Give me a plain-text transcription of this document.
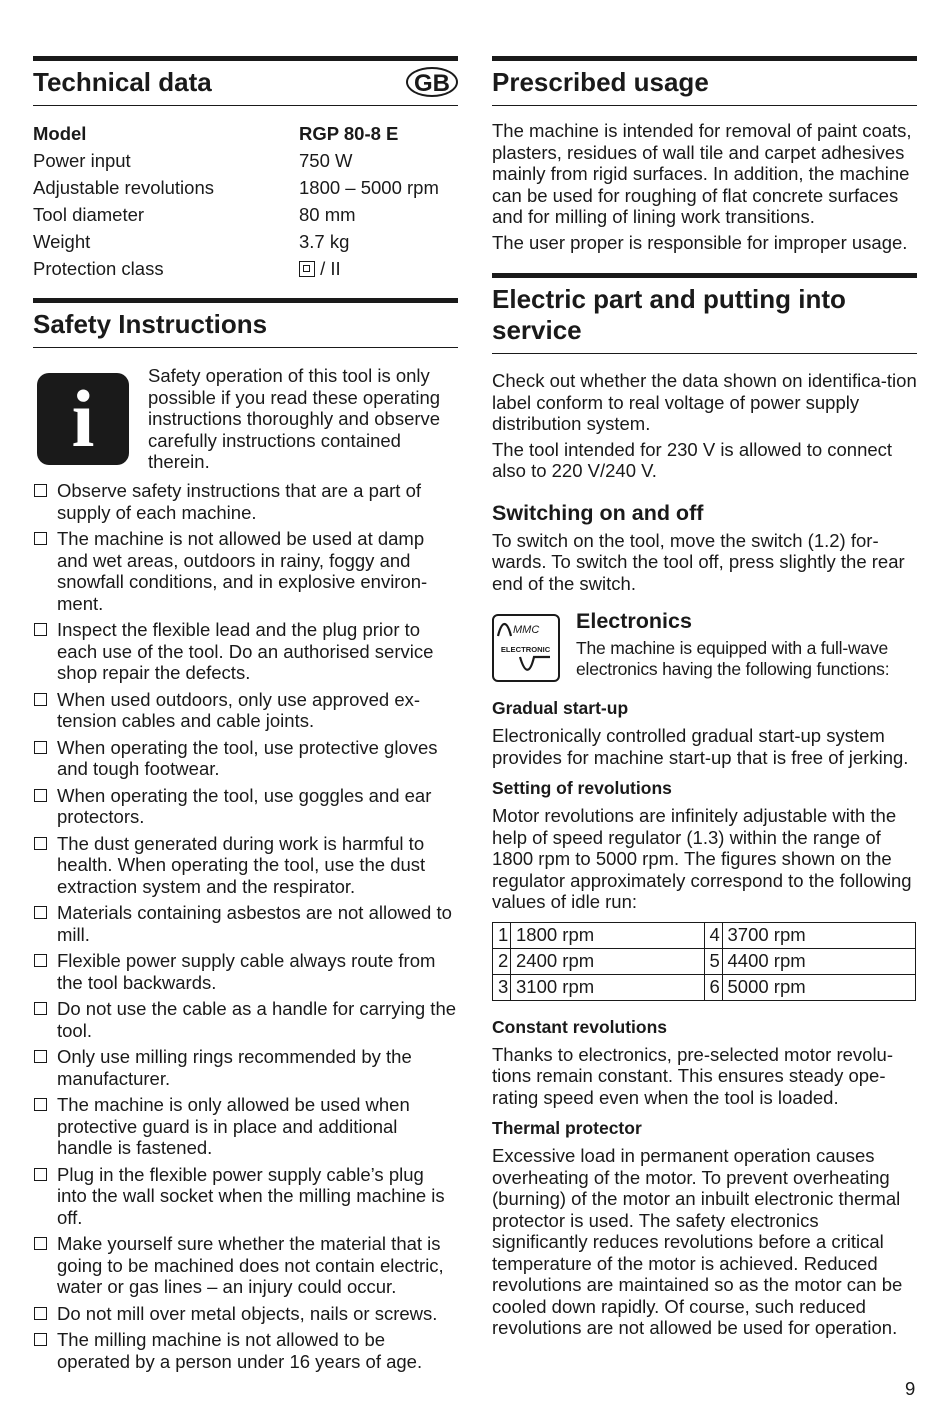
Technical data	GB
Model	RGP 80-8 E
Power input	750 W
Adjustable revolutions	1800 – 5000 rpm
Tool diameter	80 mm
Weight	3.7 kg
Protection class	/ II
Safety Instructions
i	Safety operation of this tool is only possible if you read these operating instructions thoroughly and observe carefully instructions contained therein.

Observe safety instructions that are a part of supply of each machine.
The machine is not allowed be used at damp and wet areas, outdoors in rainy, foggy and snowfall conditions, and in explosive environ-ment.
Inspect the flexible lead and the plug prior to each use of the tool. Do an authorised service shop repair the defects.
When used outdoors, only use approved ex-tension cables and cable joints.
When operating the tool, use protective gloves and tough footwear.
When operating the tool, use goggles and ear protectors.
The dust generated during work is harmful to health. When operating the tool, use the dust extraction system and the respirator.
Materials containing asbestos are not allowed to mill.
Flexible power supply cable always route from the tool backwards.
Do not use the cable as a handle for carrying the tool.
Only use milling rings recommended by the manufacturer.
The machine is only allowed be used when protective guard is in place and additional handle is fastened.
Plug in the flexible power supply cable’s plug into the wall socket when the milling machine is off.
Make yourself sure whether the material that is going to be machined does not contain electric, water or gas lines – an injury could occur.
Do not mill over metal objects, nails or screws.
The milling machine is not allowed to be operated by a person under 16 years of age.
Prescribed usage

The machine is intended for removal of paint coats, plasters, residues of wall tile and carpet adhesives mainly from rigid surfaces. In addition, the machine can be used for roughing of flat concrete surfaces and for milling of lining work transitions.

The user proper is responsible for improper usage.

Electric part and putting into service

Check out whether the data shown on identifica-tion label conform to real voltage of power supply distribution system.

The tool intended for 230 V is allowed to connect also to 220 V/240 V.

Switching on and off

To switch on the tool, move the switch (1.2) for-wards. To switch the tool off, press slightly the rear end of the switch.

MMC
ELECTRONIC
Electronics

The machine is equipped with a full-wave electronics having the following functions:

Gradual start-up

Electronically controlled gradual start-up system provides for machine start-up that is free of jerking.

Setting of revolutions

Motor revolutions are infinitely adjustable with the help of speed regulator (1.3) within the range of 1800 rpm to 5000 rpm. The figures shown on the regulator approximately correspond to the following values of idle run:

1	1800 rpm	4	3700 rpm
2	2400 rpm	5	4400 rpm
3	3100 rpm	6	5000 rpm
Constant revolutions

Thanks to electronics, pre-selected motor revolu-tions remain constant. This ensures steady ope-rating speed even when the tool is loaded.

Thermal protector

Excessive load in permanent operation causes overheating of the motor. To prevent overheating (burning) of the motor an inbuilt electronic thermal protector is used. The safety electronics significantly reduces revolutions before a critical temperature of the motor is achieved. Reduced revolutions are maintained so as the motor can be cooled down rapidly. Of course, such reduced revolutions are not allowed be used for operation.

9
